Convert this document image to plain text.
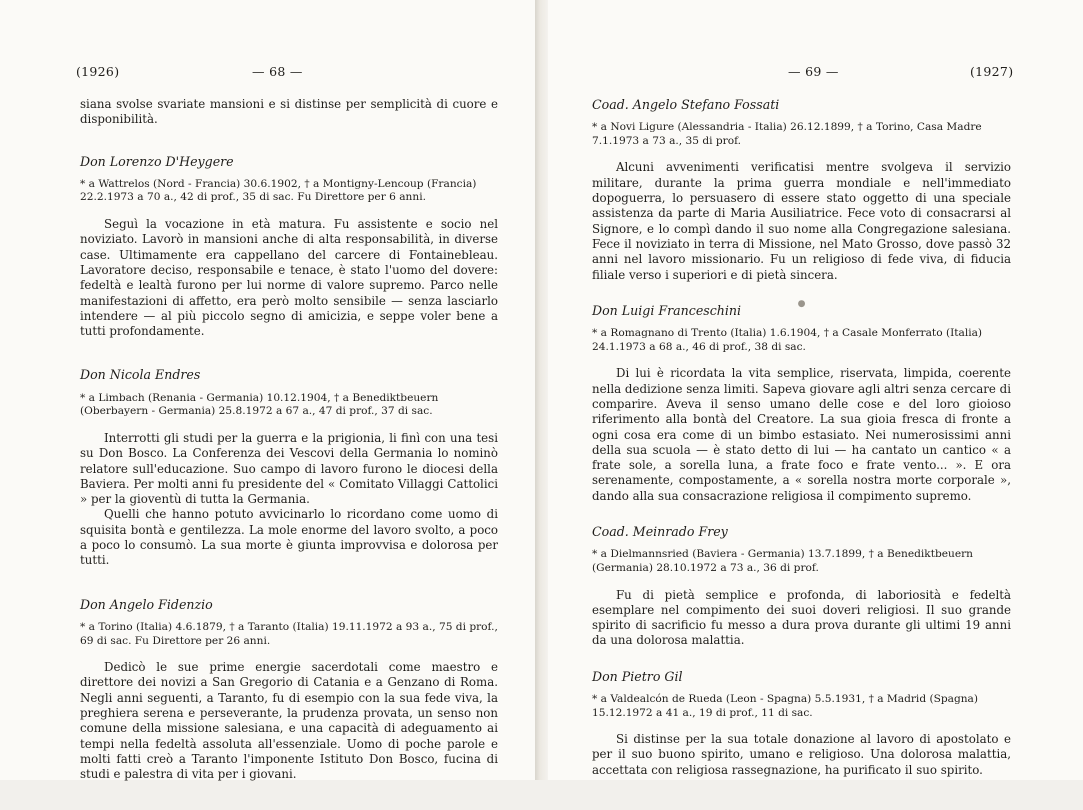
(1926)	— 68 —

siana svolse svariate mansioni e si distinse per semplicità di cuore e disponibilità.

Don Lorenzo D'Heygere

* a Wattrelos (Nord - Francia) 30.6.1902, † a Montigny-Lencoup (Francia) 22.2.1973 a 70 a., 42 di prof., 35 di sac. Fu Direttore per 6 anni.

Seguì la vocazione in età matura. Fu assistente e socio nel noviziato. Lavorò in mansioni anche di alta responsabilità, in diverse case. Ultimamente era cappellano del carcere di Fontainebleau. Lavoratore deciso, responsabile e tenace, è stato l'uomo del dovere: fedeltà e lealtà furono per lui norme di valore supremo. Parco nelle manifestazioni di affetto, era però molto sensibile — senza lasciarlo intendere — al più piccolo segno di amicizia, e seppe voler bene a tutti profondamente.

Don Nicola Endres

* a Limbach (Renania - Germania) 10.12.1904, † a Benediktbeuern (Oberbayern - Germania) 25.8.1972 a 67 a., 47 di prof., 37 di sac.

Interrotti gli studi per la guerra e la prigionia, li finì con una tesi su Don Bosco. La Conferenza dei Vescovi della Germania lo nominò relatore sull'educazione. Suo campo di lavoro furono le diocesi della Baviera. Per molti anni fu presidente del « Comitato Villaggi Cattolici » per la gioventù di tutta la Germania.

Quelli che hanno potuto avvicinarlo lo ricordano come uomo di squisita bontà e gentilezza. La mole enorme del lavoro svolto, a poco a poco lo consumò. La sua morte è giunta improvvisa e dolorosa per tutti.

Don Angelo Fidenzio

* a Torino (Italia) 4.6.1879, † a Taranto (Italia) 19.11.1972 a 93 a., 75 di prof., 69 di sac. Fu Direttore per 26 anni.

Dedicò le sue prime energie sacerdotali come maestro e direttore dei novizi a San Gregorio di Catania e a Genzano di Roma. Negli anni seguenti, a Taranto, fu di esempio con la sua fede viva, la preghiera serena e perseverante, la prudenza provata, un senso non comune della missione salesiana, e una capacità di adeguamento ai tempi nella fedeltà assoluta all'essenziale. Uomo di poche parole e molti fatti creò a Taranto l'imponente Istituto Don Bosco, fucina di studi e palestra di vita per i giovani.

— 69 —	(1927)
Coad. Angelo Stefano Fossati

* a Novi Ligure (Alessandria - Italia) 26.12.1899, † a Torino, Casa Madre 7.1.1973 a 73 a., 35 di prof.

Alcuni avvenimenti verificatisi mentre svolgeva il servizio militare, durante la prima guerra mondiale e nell'immediato dopoguerra, lo persuasero di essere stato oggetto di una speciale assistenza da parte di Maria Ausiliatrice. Fece voto di consacrarsi al Signore, e lo compì dando il suo nome alla Congregazione salesiana. Fece il noviziato in terra di Missione, nel Mato Grosso, dove passò 32 anni nel lavoro missionario. Fu un religioso di fede viva, di fiducia filiale verso i superiori e di pietà sincera.

●
Don Luigi Franceschini

* a Romagnano di Trento (Italia) 1.6.1904, † a Casale Monferrato (Italia) 24.1.1973 a 68 a., 46 di prof., 38 di sac.

Di lui è ricordata la vita semplice, riservata, limpida, coerente nella dedizione senza limiti. Sapeva giovare agli altri senza cercare di comparire. Aveva il senso umano delle cose e del loro gioioso riferimento alla bontà del Creatore. La sua gioia fresca di fronte a ogni cosa era come di un bimbo estasiato. Nei numerosissimi anni della sua scuola — è stato detto di lui — ha cantato un cantico « a frate sole, a sorella luna, a frate foco e frate vento... ». E ora serenamente, compostamente, a « sorella nostra morte corporale », dando alla sua consacrazione religiosa il compimento supremo.

Coad. Meinrado Frey

* a Dielmannsried (Baviera - Germania) 13.7.1899, † a Benediktbeuern (Germania) 28.10.1972 a 73 a., 36 di prof.

Fu di pietà semplice e profonda, di laboriosità e fedeltà esemplare nel compimento dei suoi doveri religiosi. Il suo grande spirito di sacrificio fu messo a dura prova durante gli ultimi 19 anni da una dolorosa malattia.

Don Pietro Gil

* a Valdealcón de Rueda (Leon - Spagna) 5.5.1931, † a Madrid (Spagna) 15.12.1972 a 41 a., 19 di prof., 11 di sac.

Si distinse per la sua totale donazione al lavoro di apostolato e per il suo buono spirito, umano e religioso. Una dolorosa malattia, accettata con religiosa rassegnazione, ha purificato il suo spirito.
